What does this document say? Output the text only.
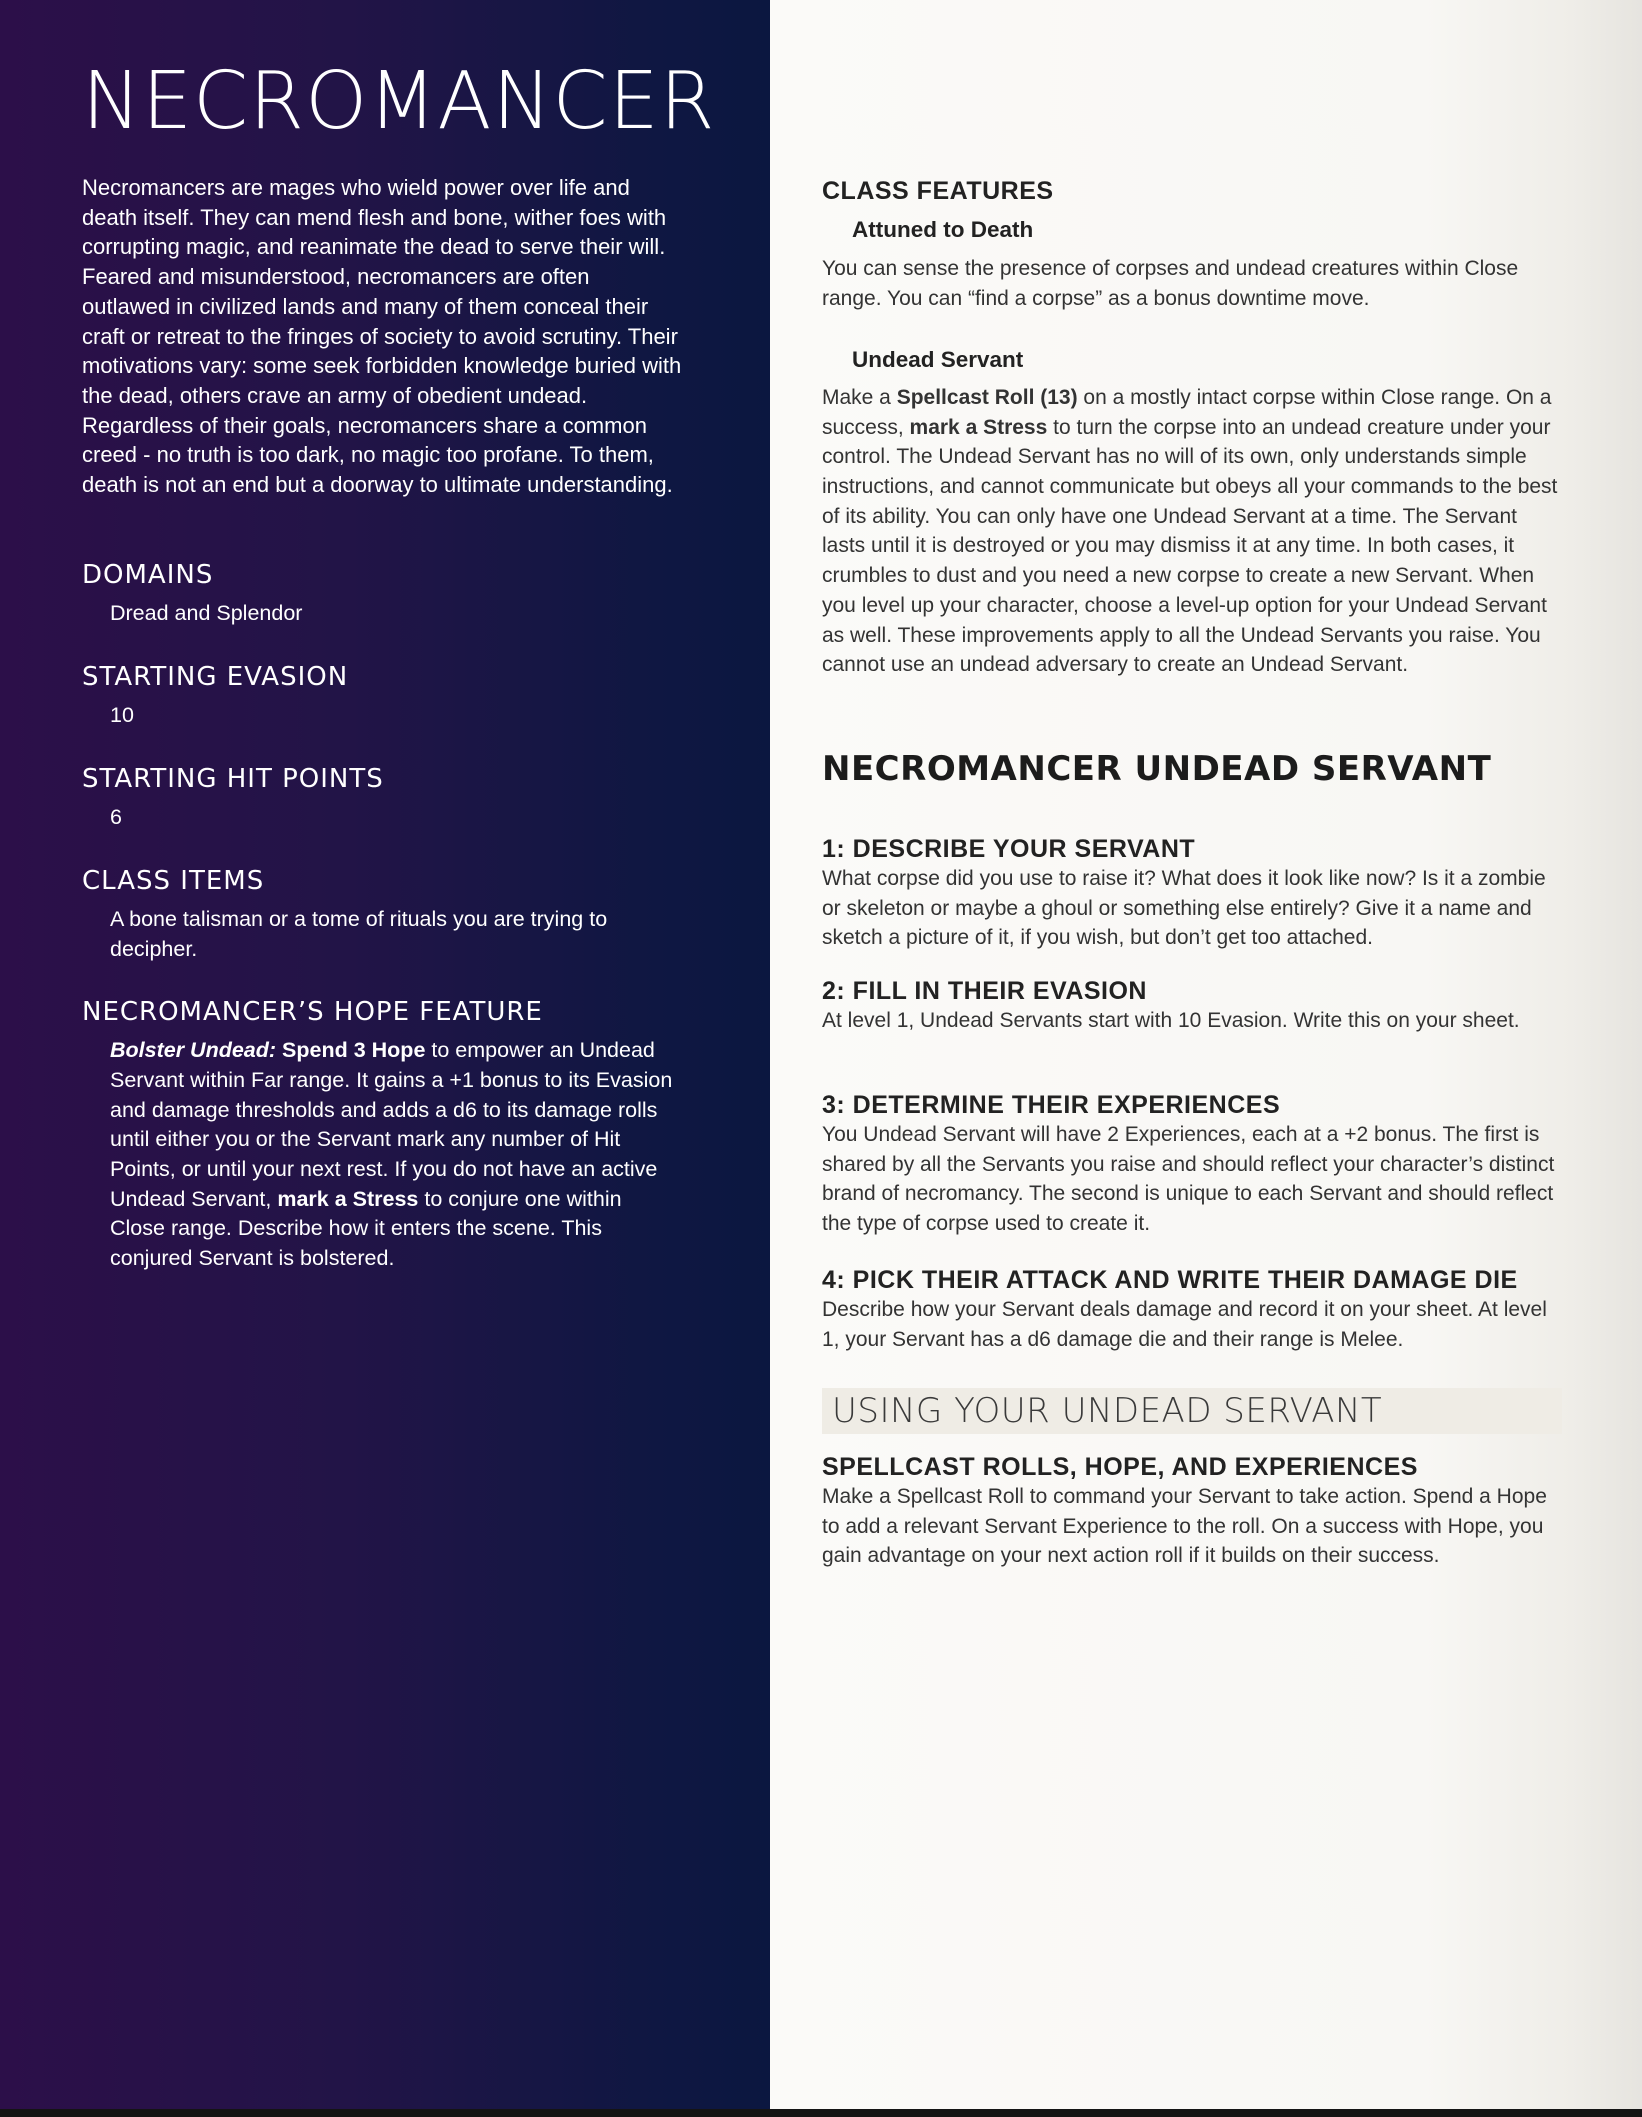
NECROMANCER

Necromancers are mages who wield power over life and death itself. They can mend flesh and bone, wither foes with corrupting magic, and reanimate the dead to serve their will. Feared and misunderstood, necromancers are often outlawed in civilized lands and many of them conceal their craft or retreat to the fringes of society to avoid scrutiny. Their motivations vary: some seek forbidden knowledge buried with the dead, others crave an army of obedient undead. Regardless of their goals, necromancers share a common creed - no truth is too dark, no magic too profane. To them, death is not an end but a doorway to ultimate understanding.

DOMAINS
Dread and Splendor
STARTING EVASION
10
STARTING HIT POINTS
6
CLASS ITEMS
A bone talisman or a tome of rituals you are trying to decipher.
NECROMANCER’S HOPE FEATURE
Bolster Undead: Spend 3 Hope to empower an Undead Servant within Far range. It gains a +1 bonus to its Evasion and damage thresholds and adds a d6 to its damage rolls until either you or the Servant mark any number of Hit Points, or until your next rest. If you do not have an active Undead Servant, mark a Stress to conjure one within Close range. Describe how it enters the scene. This conjured Servant is bolstered.
CLASS FEATURES
Attuned to Death

You can sense the presence of corpses and undead creatures within Close range. You can “find a corpse” as a bonus downtime move.

Undead Servant

Make a Spellcast Roll (13) on a mostly intact corpse within Close range. On a success, mark a Stress to turn the corpse into an undead creature under your control. The Undead Servant has no will of its own, only understands simple instructions, and cannot communicate but obeys all your commands to the best of its ability. You can only have one Undead Servant at a time. The Servant lasts until it is destroyed or you may dismiss it at any time. In both cases, it crumbles to dust and you need a new corpse to create a new Servant. When you level up your character, choose a level-up option for your Undead Servant as well. These improvements apply to all the Undead Servants you raise. You cannot use an undead adversary to create an Undead Servant.

NECROMANCER UNDEAD SERVANT
1: DESCRIBE YOUR SERVANT

What corpse did you use to raise it? What does it look like now? Is it a zombie or skeleton or maybe a ghoul or something else entirely? Give it a name and sketch a picture of it, if you wish, but don’t get too attached.

2: FILL IN THEIR EVASION

At level 1, Undead Servants start with 10 Evasion. Write this on your sheet.

3: DETERMINE THEIR EXPERIENCES

You Undead Servant will have 2 Experiences, each at a +2 bonus. The first is shared by all the Servants you raise and should reflect your character’s distinct brand of necromancy. The second is unique to each Servant and should reflect the type of corpse used to create it.

4: PICK THEIR ATTACK AND WRITE THEIR DAMAGE DIE

Describe how your Servant deals damage and record it on your sheet. At level 1, your Servant has a d6 damage die and their range is Melee.

USING YOUR UNDEAD SERVANT
SPELLCAST ROLLS, HOPE, AND EXPERIENCES

Make a Spellcast Roll to command your Servant to take action. Spend a Hope to add a relevant Servant Experience to the roll. On a success with Hope, you gain advantage on your next action roll if it builds on their success.
